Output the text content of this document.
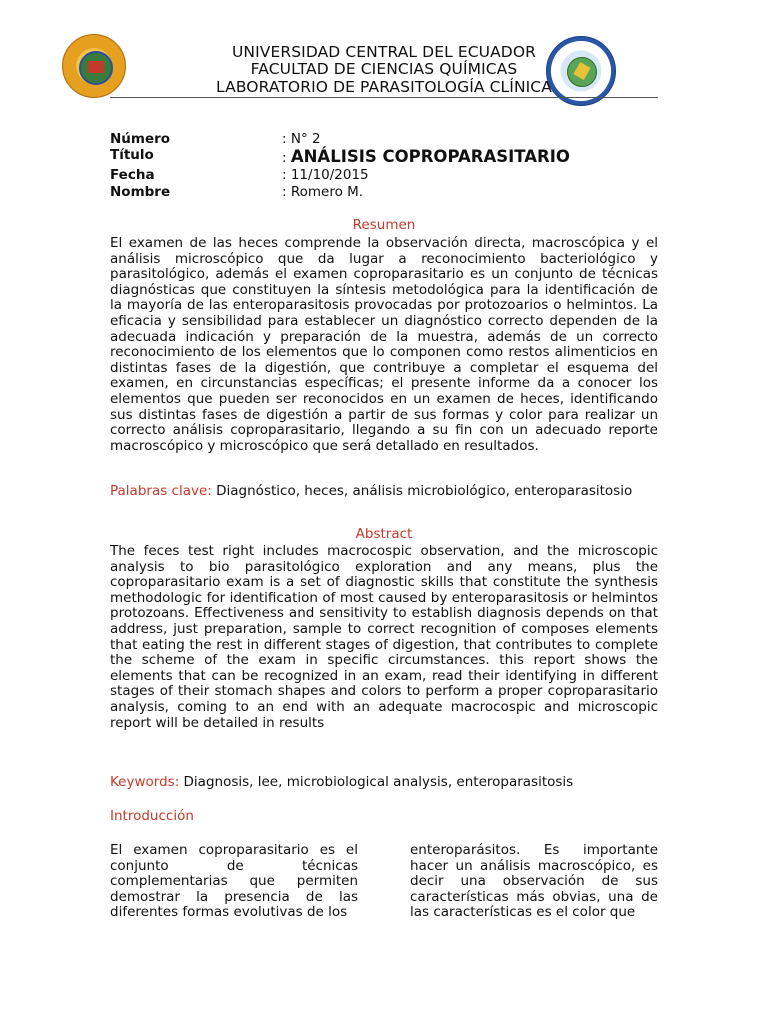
UNIVERSIDAD CENTRAL DEL ECUADOR
FACULTAD DE CIENCIAS QUÍMICAS
LABORATORIO DE PARASITOLOGÍA CLÍNICA
Número	: N° 2
Título	: ANÁLISIS COPROPARASITARIO
Fecha	: 11/10/2015
Nombre	: Romero M.
Resumen
El examen de las heces comprende la observación directa, macroscópica y el análisis microscópico que da lugar a reconocimiento bacteriológico y parasitológico, además el examen coproparasitario es un conjunto de técnicas diagnósticas que constituyen la síntesis metodológica para la identificación de la mayoría de las enteroparasitosis provocadas por protozoarios o helmintos. La eficacia y sensibilidad para establecer un diagnóstico correcto dependen de la adecuada indicación y preparación de la muestra, además de un correcto reconocimiento de los elementos que lo componen como restos alimenticios en distintas fases de la digestión, que contribuye a completar el esquema del examen, en circunstancias específicas; el presente informe da a conocer los elementos que pueden ser reconocidos en un examen de heces, identificando sus distintas fases de digestión a partir de sus formas y color para realizar un correcto análisis coproparasitario, llegando a su fin con un adecuado reporte macroscópico y microscópico que será detallado en resultados.
Palabras clave: Diagnóstico, heces, análisis microbiológico, enteroparasitosio
Abstract
The feces test right includes macrocospic observation, and the microscopic analysis to bio parasitológico exploration and any means, plus the coproparasitario exam is a set of diagnostic skills that constitute the synthesis methodologic for identification of most caused by enteroparasitosis or helmintos protozoans. Effectiveness and sensitivity to establish diagnosis depends on that address, just preparation, sample to correct recognition of composes elements that eating the rest in different stages of digestion, that contributes to complete the scheme of the exam in specific circumstances. this report shows the elements that can be recognized in an exam, read their identifying in different stages of their stomach shapes and colors to perform a proper coproparasitario analysis, coming to an end with an adequate macrocospic and microscopic report will be detailed in results
Keywords: Diagnosis, lee, microbiological analysis, enteroparasitosis
Introducción
El examen coproparasitario es el conjunto de técnicas complementarias que permiten demostrar la presencia de las diferentes formas evolutivas de los
enteroparásitos. Es importante hacer un análisis macroscópico, es decir una observación de sus características más obvias, una de las características es el color que
